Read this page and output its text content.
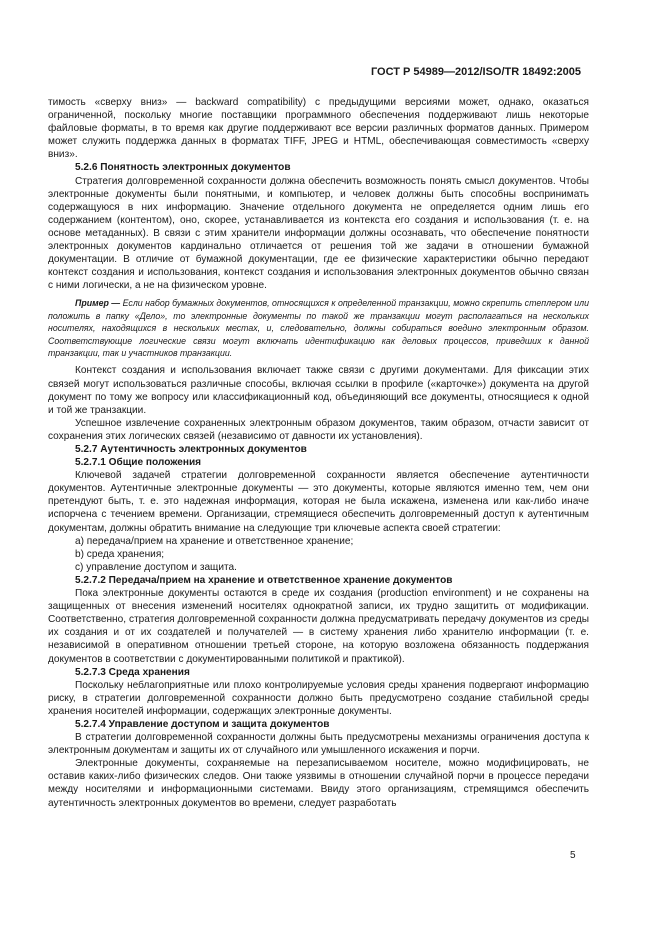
ГОСТ Р 54989—2012/ISO/TR 18492:2005

тимость «сверху вниз» — backward compatibility) с предыдущими версиями может, однако, оказаться ограниченной, поскольку многие поставщики программного обеспечения поддерживают лишь некоторые файловые форматы, в то время как другие поддерживают все версии различных форматов данных. Примером может служить поддержка данных в форматах TIFF, JPEG и HTML, обеспечивающая совместимость «сверху вниз».

5.2.6 Понятность электронных документов

Стратегия долговременной сохранности должна обеспечить возможность понять смысл документов. Чтобы электронные документы были понятными, и компьютер, и человек должны быть способны воспринимать содержащуюся в них информацию. Значение отдельного документа не определяется одним лишь его содержанием (контентом), оно, скорее, устанавливается из контекста его создания и использования (т. е. на основе метаданных). В связи с этим хранители информации должны осознавать, что обеспечение понятности электронных документов кардинально отличается от решения той же задачи в отношении бумажной документации. В отличие от бумажной документации, где ее физические характеристики обычно передают контекст создания и использования, контекст создания и использования электронных документов обычно связан с ними логически, а не на физическом уровне.

Пример — Если набор бумажных документов, относящихся к определенной транзакции, можно скрепить степлером или положить в папку «Дело», то электронные документы по такой же транзакции могут располагаться на нескольких носителях, находящихся в нескольких местах, и, следовательно, должны собираться воедино электронным образом. Соответствующие логические связи могут включать идентификацию как деловых процессов, приведших к данной транзакции, так и участников транзакции.

Контекст создания и использования включает также связи с другими документами. Для фиксации этих связей могут использоваться различные способы, включая ссылки в профиле («карточке») документа на другой документ по тому же вопросу или классификационный код, объединяющий все документы, относящиеся к одной и той же транзакции.

Успешное извлечение сохраненных электронным образом документов, таким образом, отчасти зависит от сохранения этих логических связей (независимо от давности их установления).

5.2.7 Аутентичность электронных документов

5.2.7.1 Общие положения

Ключевой задачей стратегии долговременной сохранности является обеспечение аутентичности документов. Аутентичные электронные документы — это документы, которые являются именно тем, чем они претендуют быть, т. е. это надежная информация, которая не была искажена, изменена или как-либо иначе испорчена с течением времени. Организации, стремящиеся обеспечить долговременный доступ к аутентичным документам, должны обратить внимание на следующие три ключевые аспекта своей стратегии:

a) передача/прием на хранение и ответственное хранение;

b) среда хранения;

c) управление доступом и защита.

5.2.7.2 Передача/прием на хранение и ответственное хранение документов

Пока электронные документы остаются в среде их создания (production environment) и не сохранены на защищенных от внесения изменений носителях однократной записи, их трудно защитить от модификации. Соответственно, стратегия долговременной сохранности должна предусматривать передачу документов из среды их создания и от их создателей и получателей — в систему хранения либо хранителю информации (т. е. независимой в оперативном отношении третьей стороне, на которую возложена обязанность поддержания документов в соответствии с документированными политикой и практикой).

5.2.7.3 Среда хранения

Поскольку неблагоприятные или плохо контролируемые условия среды хранения подвергают информацию риску, в стратегии долговременной сохранности должно быть предусмотрено создание стабильной среды хранения носителей информации, содержащих электронные документы.

5.2.7.4 Управление доступом и защита документов

В стратегии долговременной сохранности должны быть предусмотрены механизмы ограничения доступа к электронным документам и защиты их от случайного или умышленного искажения и порчи.

Электронные документы, сохраняемые на перезаписываемом носителе, можно модифицировать, не оставив каких-либо физических следов. Они также уязвимы в отношении случайной порчи в процессе передачи между носителями и информационными системами. Ввиду этого организациям, стремящимся обеспечить аутентичность электронных документов во времени, следует разработать

5
